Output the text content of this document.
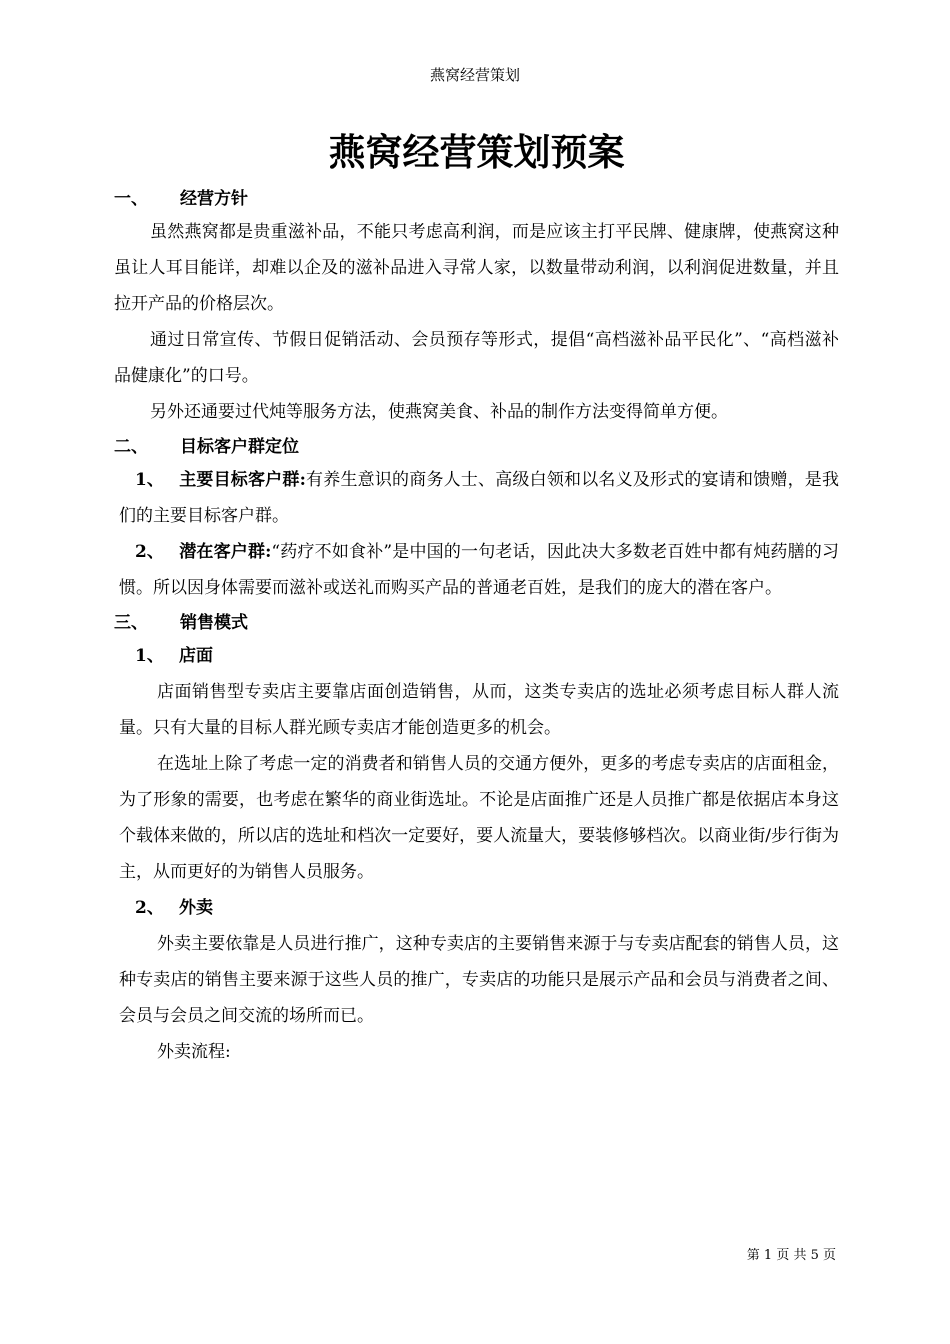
燕窝经营策划
燕窝经营策划预案

一、 经营方针

虽然燕窝都是贵重滋补品，不能只考虑高利润，而是应该主打平民牌、健康牌，使燕窝这种虽让人耳目能详，却难以企及的滋补品进入寻常人家，以数量带动利润，以利润促进数量，并且拉开产品的价格层次。

通过日常宣传、节假日促销活动、会员预存等形式，提倡“高档滋补品平民化”、“高档滋补品健康化”的口号。

另外还通要过代炖等服务方法，使燕窝美食、补品的制作方法变得简单方便。

二、 目标客户群定位

1、 主要目标客户群:有养生意识的商务人士、高级白领和以名义及形式的宴请和馈赠，是我们的主要目标客户群。

2、 潜在客户群:“药疗不如食补”是中国的一句老话，因此决大多数老百姓中都有炖药膳的习惯。所以因身体需要而滋补或送礼而购买产品的普通老百姓，是我们的庞大的潜在客户。

三、 销售模式

1、 店面

店面销售型专卖店主要靠店面创造销售，从而，这类专卖店的选址必须考虑目标人群人流量。只有大量的目标人群光顾专卖店才能创造更多的机会。

在选址上除了考虑一定的消费者和销售人员的交通方便外，更多的考虑专卖店的店面租金，为了形象的需要，也考虑在繁华的商业街选址。不论是店面推广还是人员推广都是依据店本身这个载体来做的，所以店的选址和档次一定要好，要人流量大，要装修够档次。以商业街/步行街为主，从而更好的为销售人员服务。

2、 外卖

外卖主要依靠是人员进行推广，这种专卖店的主要销售来源于与专卖店配套的销售人员，这种专卖店的销售主要来源于这些人员的推广，专卖店的功能只是展示产品和会员与消费者之间、会员与会员之间交流的场所而已。

外卖流程:

第 1 页 共 5 页
